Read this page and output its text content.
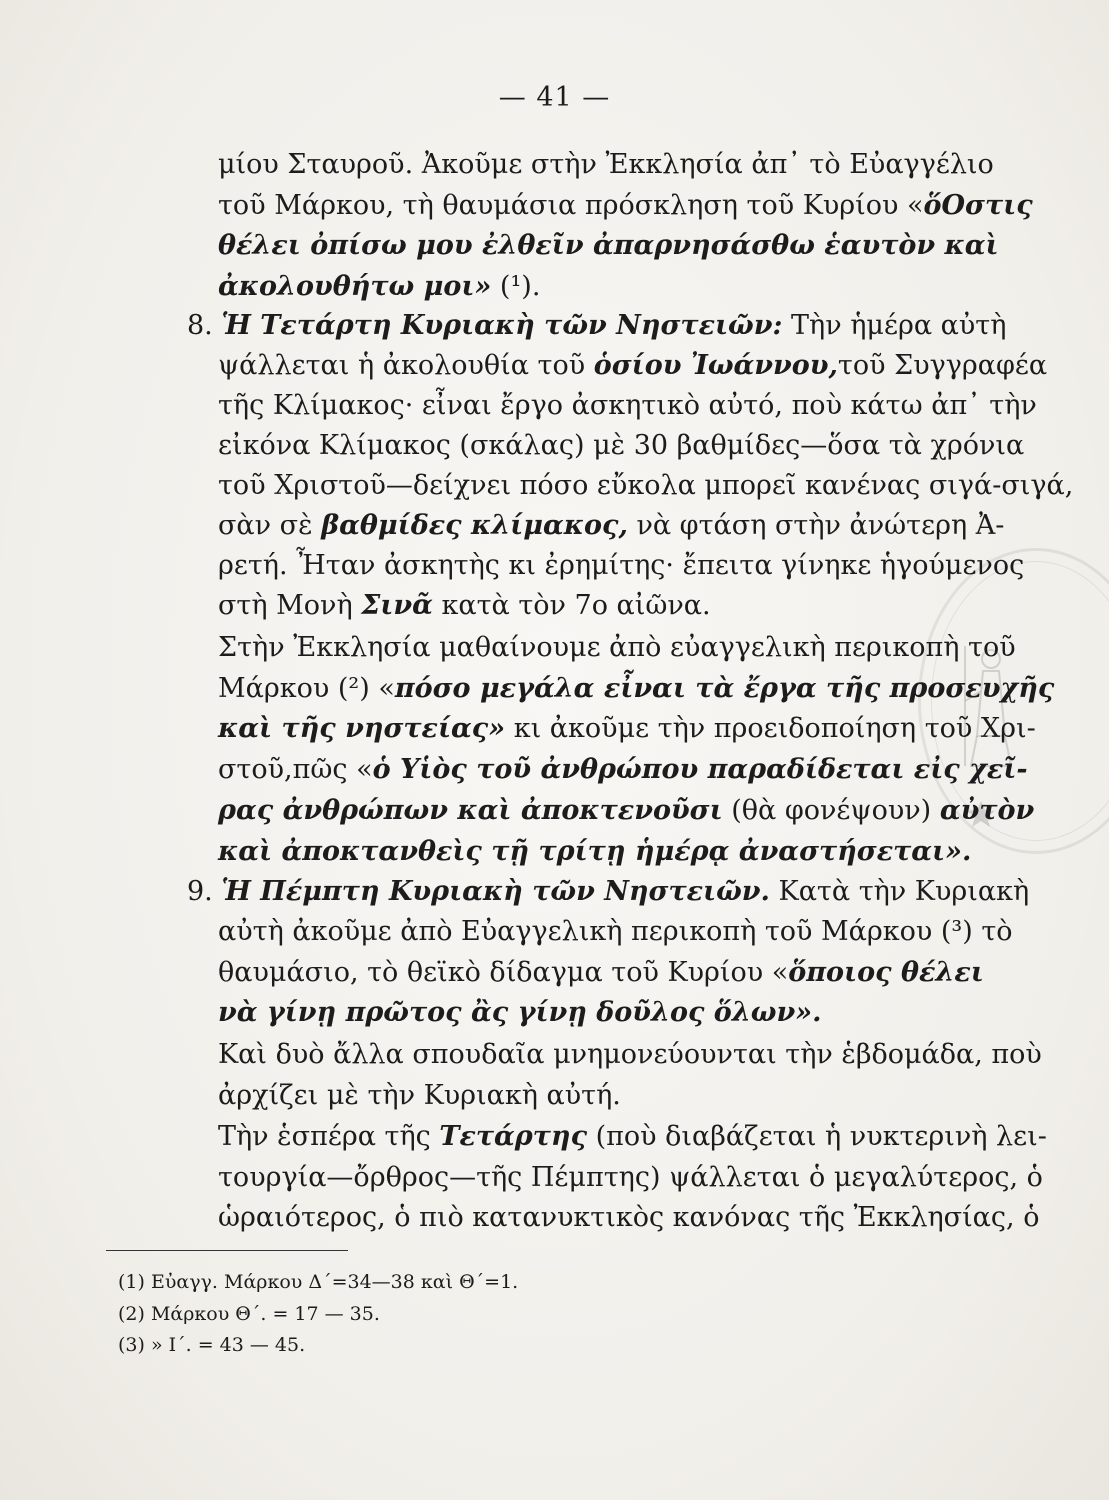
— 41 —
μίου Σταυροῦ. Ἀκοῦμε στὴν Ἐκκλησία ἀπ᾿ τὸ Εὐαγγέλιο
τοῦ Μάρκου, τὴ θαυμάσια πρόσκληση τοῦ Κυρίου «ὅΟστις
θέλει ὀπίσω μου ἐλθεῖν ἀπαρνησάσθω ἑαυτὸν καὶ
ἀκολουθήτω μοι» (¹).
8. Ἡ Τετάρτη Κυριακὴ τῶν Νηστειῶν: Τὴν ἡμέρα αὐτὴ
ψάλλεται ἡ ἀκολουθία τοῦ ὁσίου Ἰωάννου,τοῦ Συγγραφέα
τῆς Κλίμακος· εἶναι ἔργο ἀσκητικὸ αὐτό, ποὺ κάτω ἀπ᾿ τὴν
εἰκόνα Κλίμακος (σκάλας) μὲ 30 βαθμίδες—ὅσα τὰ χρόνια
τοῦ Χριστοῦ—δείχνει πόσο εὔκολα μπορεῖ κανένας σιγά-σιγά,
σὰν σὲ βαθμίδες κλίμακος, νὰ φτάση στὴν ἀνώτερη Ἀ-
ρετή. Ἦταν ἀσκητὴς κι ἐρημίτης· ἔπειτα γίνηκε ἡγούμενος
στὴ Μονὴ Σινᾶ κατὰ τὸν 7ο αἰῶνα.
Στὴν Ἐκκλησία μαθαίνουμε ἀπὸ εὐαγγελικὴ περικοπὴ τοῦ
Μάρκου (²) «πόσο μεγάλα εἶναι τὰ ἔργα τῆς προσευχῆς
καὶ τῆς νηστείας» κι ἀκοῦμε τὴν προειδοποίηση τοῦ Χρι-
στοῦ,πῶς «ὁ Υἱὸς τοῦ ἀνθρώπου παραδίδεται εἰς χεῖ-
ρας ἀνθρώπων καὶ ἀποκτενοῦσι (θὰ φονέψουν) αὐτὸν
καὶ ἀποκτανθεὶς τῇ τρίτῃ ἡμέρᾳ ἀναστήσεται».
9. Ἡ Πέμπτη Κυριακὴ τῶν Νηστειῶν. Κατὰ τὴν Κυριακὴ
αὐτὴ ἀκοῦμε ἀπὸ Εὐαγγελικὴ περικοπὴ τοῦ Μάρκου (³) τὸ
θαυμάσιο, τὸ θεϊκὸ δίδαγμα τοῦ Κυρίου «ὅποιος θέλει
νὰ γίνῃ πρῶτος ἂς γίνῃ δοῦλος ὅλων».
Καὶ δυὸ ἄλλα σπουδαῖα μνημονεύουνται τὴν ἑβδομάδα, ποὺ
ἀρχίζει μὲ τὴν Κυριακὴ αὐτή.
Τὴν ἑσπέρα τῆς Τετάρτης (ποὺ διαβάζεται ἡ νυκτερινὴ λει-
τουργία—ὄρθρος—τῆς Πέμπτης) ψάλλεται ὁ μεγαλύτερος, ὁ
ὡραιότερος, ὁ πιὸ κατανυκτικὸς κανόνας τῆς Ἐκκλησίας, ὁ
(1) Εὐαγγ. Μάρκου Δ΄=34—38 καὶ Θ΄=1.
(2) Μάρκου Θ΄. = 17 — 35.
(3) » Ι΄. = 43 — 45.
